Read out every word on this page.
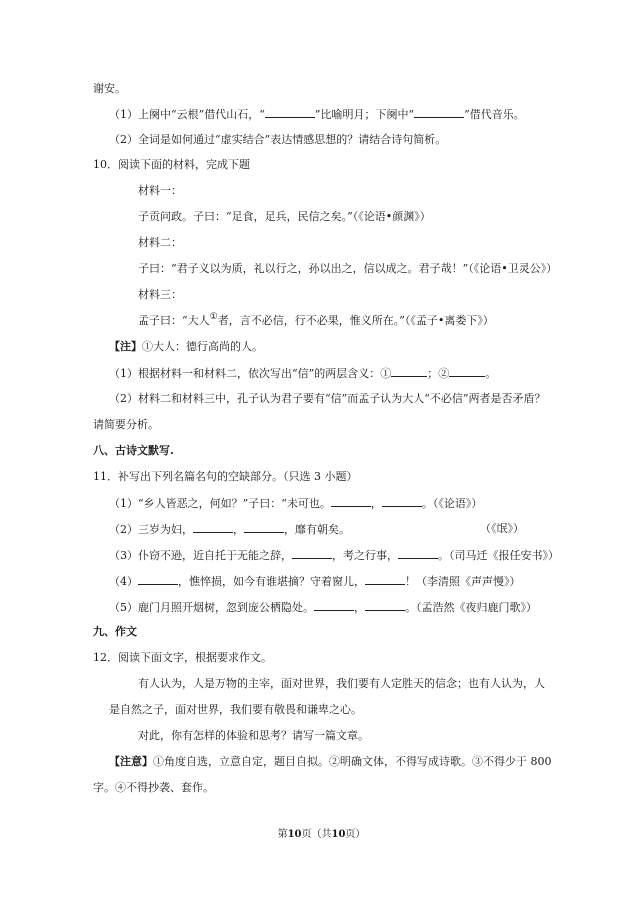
谢安。
（1）上阕中“云根”借代山石，“	”比喻明月；下阕中“	”借代音乐。
（2）全词是如何通过“虚实结合”表达情感思想的？请结合诗句简析。
10．阅读下面的材料，完成下题
材料一：
子贡问政。子曰：“足食，足兵，民信之矣。”（《论语•颜渊》）
材料二：
子曰：“君子义以为质，礼以行之，孙以出之，信以成之。君子哉！”（《论语•卫灵公》）
材料三：
孟子曰：“大人①者，言不必信，行不必果，惟义所在。”（《孟子•离娄下》）
【注】①大人：德行高尚的人。
（1）根据材料一和材料二，依次写出“信”的两层含义：①	；②	。
（2）材料二和材料三中，孔子认为君子要有“信”而孟子认为大人“不必信”两者是否矛盾？
请简要分析。
八、古诗文默写.
11．补写出下列名篇名句的空缺部分。（只选 3 小题）
（1）“乡人皆恶之，何如？”子曰：“未可也。	，	。（《论语》）
（2）三岁为妇，	，	，靡有朝矣。	（《氓》）
（3）仆窃不逊，近自托于无能之辞，	，考之行事，	。（司马迁《报任安书》）
（4）	，憔悴损，如今有谁堪摘？守着窗儿，	！（李清照《声声慢》）
（5）鹿门月照开烟树，忽到庞公栖隐处。	，	。（孟浩然《夜归鹿门歌》）
九、作文
12．阅读下面文字，根据要求作文。
有人认为，人是万物的主宰，面对世界，我们要有人定胜天的信念；也有人认为，人
是自然之子，面对世界，我们要有敬畏和谦卑之心。
对此，你有怎样的体验和思考？请写一篇文章。
【注意】①角度自选，立意自定，题目自拟。②明确文体，不得写成诗歌。③不得少于 800
字。④不得抄袭、套作。
第10页（共10页）
